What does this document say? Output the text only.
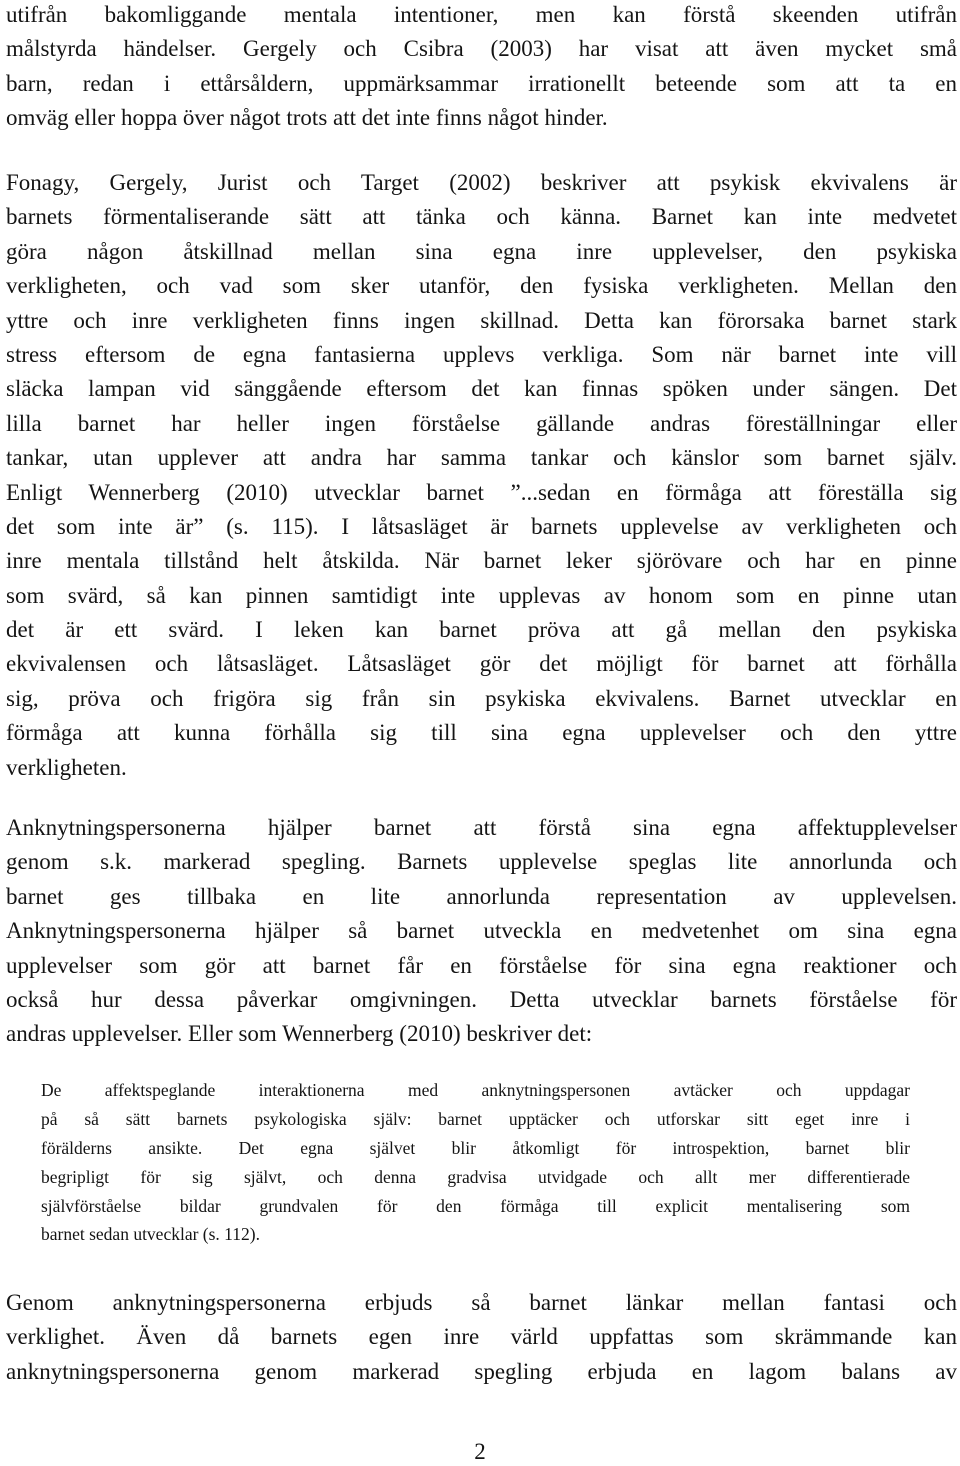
utifrån bakomliggande mentala intentioner, men kan förstå skeenden utifrån
målstyrda händelser. Gergely och Csibra (2003) har visat att även mycket små
barn, redan i ettårsåldern, uppmärksammar irrationellt beteende som att ta en
omväg eller hoppa över något trots att det inte finns något hinder.
Fonagy, Gergely, Jurist och Target (2002) beskriver att psykisk ekvivalens är
barnets förmentaliserande sätt att tänka och känna. Barnet kan inte medvetet
göra någon åtskillnad mellan sina egna inre upplevelser, den psykiska
verkligheten, och vad som sker utanför, den fysiska verkligheten. Mellan den
yttre och inre verkligheten finns ingen skillnad. Detta kan förorsaka barnet stark
stress eftersom de egna fantasierna upplevs verkliga. Som när barnet inte vill
släcka lampan vid sänggående eftersom det kan finnas spöken under sängen. Det
lilla barnet har heller ingen förståelse gällande andras föreställningar eller
tankar, utan upplever att andra har samma tankar och känslor som barnet själv.
Enligt Wennerberg (2010) utvecklar barnet ”...sedan en förmåga att föreställa sig
det som inte är” (s. 115). I låtsasläget är barnets upplevelse av verkligheten och
inre mentala tillstånd helt åtskilda. När barnet leker sjörövare och har en pinne
som svärd, så kan pinnen samtidigt inte upplevas av honom som en pinne utan
det är ett svärd. I leken kan barnet pröva att gå mellan den psykiska
ekvivalensen och låtsasläget. Låtsasläget gör det möjligt för barnet att förhålla
sig, pröva och frigöra sig från sin psykiska ekvivalens. Barnet utvecklar en
förmåga att kunna förhålla sig till sina egna upplevelser och den yttre
verkligheten.
Anknytningspersonerna hjälper barnet att förstå sina egna affektupplevelser
genom s.k. markerad spegling. Barnets upplevelse speglas lite annorlunda och
barnet ges tillbaka en lite annorlunda representation av upplevelsen.
Anknytningspersonerna hjälper så barnet utveckla en medvetenhet om sina egna
upplevelser som gör att barnet får en förståelse för sina egna reaktioner och
också hur dessa påverkar omgivningen. Detta utvecklar barnets förståelse för
andras upplevelser. Eller som Wennerberg (2010) beskriver det:
De affektspeglande interaktionerna med anknytningspersonen avtäcker och uppdagar
på så sätt barnets psykologiska själv: barnet upptäcker och utforskar sitt eget inre i
förälderns ansikte. Det egna självet blir åtkomligt för introspektion, barnet blir
begripligt för sig självt, och denna gradvisa utvidgade och allt mer differentierade
självförståelse bildar grundvalen för den förmåga till explicit mentalisering som
barnet sedan utvecklar (s. 112).
Genom anknytningspersonerna erbjuds så barnet länkar mellan fantasi och
verklighet. Även då barnets egen inre värld uppfattas som skrämmande kan
anknytningspersonerna genom markerad spegling erbjuda en lagom balans av
2
